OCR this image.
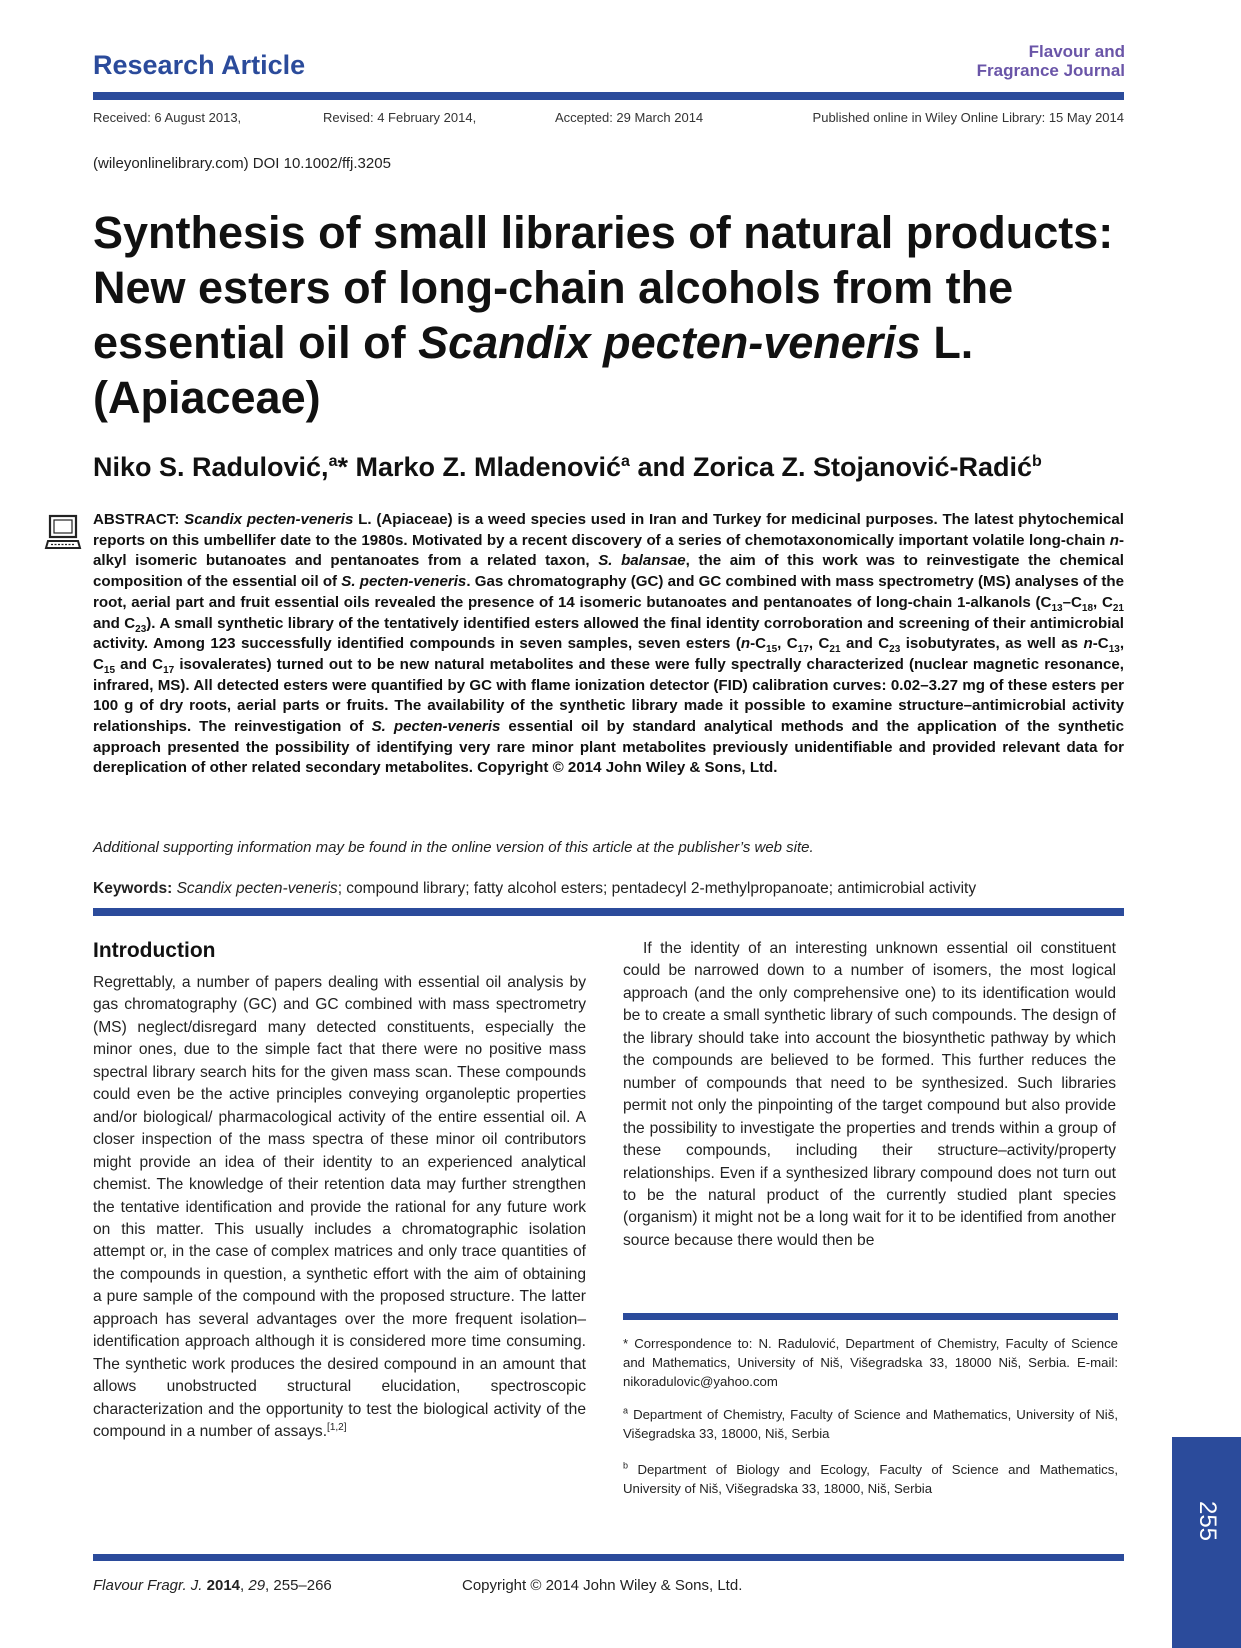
Research Article	Flavour and
Fragrance Journal
Received: 6 August 2013,	Revised: 4 February 2014,	Accepted: 29 March 2014	Published online in Wiley Online Library: 15 May 2014
(wileyonlinelibrary.com) DOI 10.1002/ffj.3205
Synthesis of small libraries of natural products:
New esters of long-chain alcohols from the
essential oil of Scandix pecten-veneris L.
(Apiaceae)
Niko S. Radulović,$^a$* Marko Z. Mladenović$^a$ and Zorica Z. Stojanović-Radić$^b$
ABSTRACT: Scandix pecten-veneris L. (Apiaceae) is a weed species used in Iran and Turkey for medicinal purposes. The latest phytochemical reports on this umbellifer date to the 1980s. Motivated by a recent discovery of a series of chemotaxonomically important volatile long-chain n-alkyl isomeric butanoates and pentanoates from a related taxon, S. balansae, the aim of this work was to reinvestigate the chemical composition of the essential oil of S. pecten-veneris. Gas chromatography (GC) and GC combined with mass spectrometry (MS) analyses of the root, aerial part and fruit essential oils revealed the presence of 14 isomeric butanoates and pentanoates of long-chain 1-alkanols ($C_{13}-C_{18}$, $C_{21}$ and $C_{23}$). A small synthetic library of the tentatively identified esters allowed the final identity corroboration and screening of their antimicrobial activity. Among 123 successfully identified compounds in seven samples, seven esters ($n-C_{15}$, $C_{17}$, $C_{21}$ and $C_{23}$ isobutyrates, as well as $n-C_{13}$, $C_{15}$ and $C_{17}$ isovalerates) turned out to be new natural metabolites and these were fully spectrally characterized (nuclear magnetic resonance, infrared, MS). All detected esters were quantified by GC with flame ionization detector (FID) calibration curves: 0.02–3.27 mg of these esters per 100 g of dry roots, aerial parts or fruits. The availability of the synthetic library made it possible to examine structure–antimicrobial activity relationships. The reinvestigation of S. pecten-veneris essential oil by standard analytical methods and the application of the synthetic approach presented the possibility of identifying very rare minor plant metabolites previously unidentifiable and provided relevant data for dereplication of other related secondary metabolites. Copyright © 2014 John Wiley & Sons, Ltd.
Additional supporting information may be found in the online version of this article at the publisher’s web site.
Keywords: Scandix pecten-veneris; compound library; fatty alcohol esters; pentadecyl 2-methylpropanoate; antimicrobial activity
Introduction
Regrettably, a number of papers dealing with essential oil analysis by gas chromatography (GC) and GC combined with mass spectrometry (MS) neglect/disregard many detected constituents, especially the minor ones, due to the simple fact that there were no positive mass spectral library search hits for the given mass scan. These compounds could even be the active principles conveying organoleptic properties and/or biological/ pharmacological activity of the entire essential oil. A closer inspection of the mass spectra of these minor oil contributors might provide an idea of their identity to an experienced analytical chemist. The knowledge of their retention data may further strengthen the tentative identification and provide the rational for any future work on this matter. This usually includes a chromatographic isolation attempt or, in the case of complex matrices and only trace quantities of the compounds in question, a synthetic effort with the aim of obtaining a pure sample of the compound with the proposed structure. The latter approach has several advantages over the more frequent isolation–identification approach although it is considered more time consuming. The synthetic work produces the desired compound in an amount that allows unobstructed structural elucidation, spectroscopic characterization and the opportunity to test the biological activity of the compound in a number of assays.[1,2]
If the identity of an interesting unknown essential oil constituent could be narrowed down to a number of isomers, the most logical approach (and the only comprehensive one) to its identification would be to create a small synthetic library of such compounds. The design of the library should take into account the biosynthetic pathway by which the compounds are believed to be formed. This further reduces the number of compounds that need to be synthesized. Such libraries permit not only the pinpointing of the target compound but also provide the possibility to investigate the properties and trends within a group of these compounds, including their structure–activity/property relationships. Even if a synthesized library compound does not turn out to be the natural product of the currently studied plant species (organism) it might not be a long wait for it to be identified from another source because there would then be
* Correspondence to: N. Radulović, Department of Chemistry, Faculty of Science and Mathematics, University of Niš, Višegradska 33, 18000 Niš, Serbia. E-mail: nikoradulovic@yahoo.com
$^a$ Department of Chemistry, Faculty of Science and Mathematics, University of Niš, Višegradska 33, 18000, Niš, Serbia
$^b$ Department of Biology and Ecology, Faculty of Science and Mathematics, University of Niš, Višegradska 33, 18000, Niš, Serbia
255
Flavour Fragr. J. 2014, 29, 255–266	Copyright © 2014 John Wiley & Sons, Ltd.
